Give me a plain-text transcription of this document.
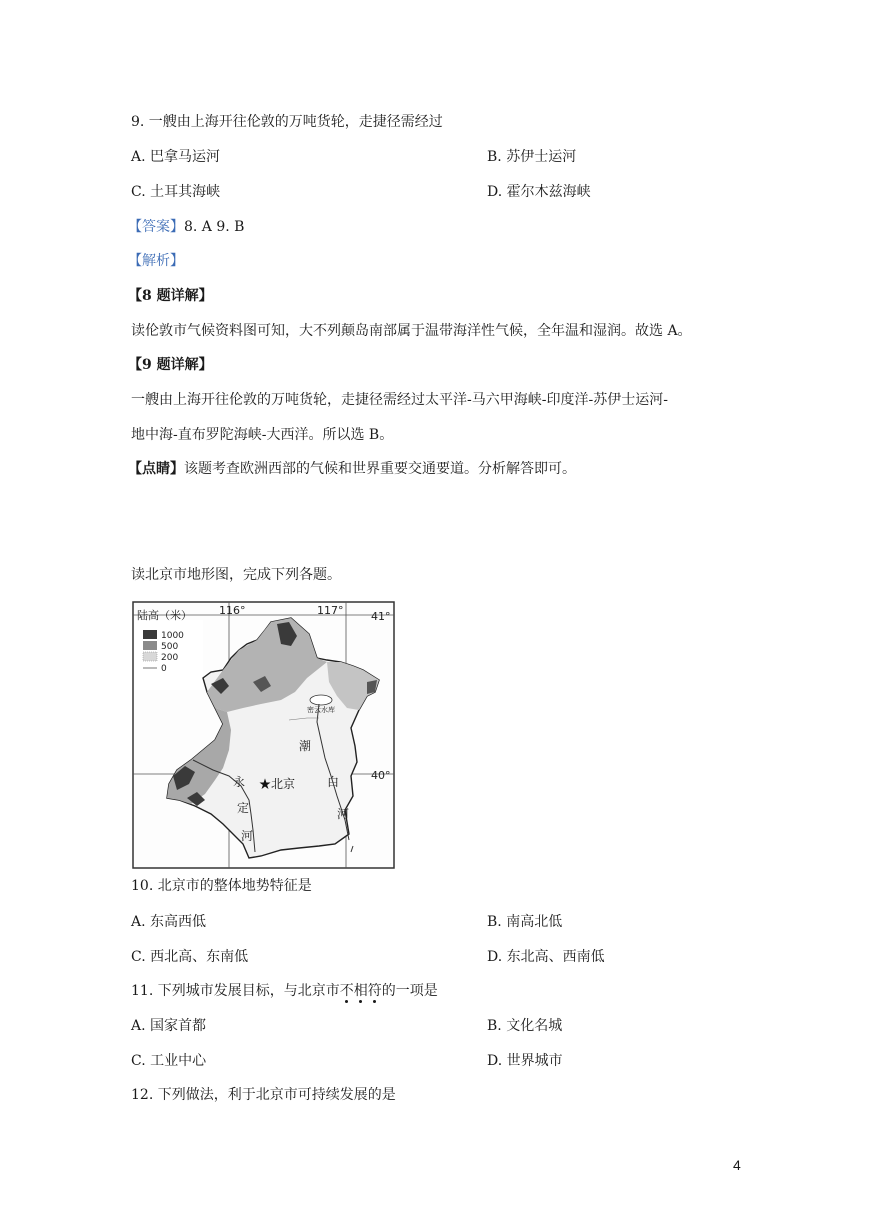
9. 一艘由上海开往伦敦的万吨货轮，走捷径需经过
A. 巴拿马运河	B. 苏伊士运河
C. 土耳其海峡	D. 霍尔木兹海峡
【答案】8. A 9. B
【解析】
【8 题详解】
读伦敦市气候资料图可知，大不列颠岛南部属于温带海洋性气候，全年温和湿润。故选 A。
【9 题详解】
一艘由上海开往伦敦的万吨货轮，走捷径需经过太平洋-马六甲海峡-印度洋-苏伊士运河-
地中海-直布罗陀海峡-大西洋。所以选 B。
【点睛】该题考查欧洲西部的气候和世界重要交通要道。分析解答即可。
读北京市地形图，完成下列各题。
陆高（米）
1000
500
200
0
116°	117°	41°
40°
密云水库
潮
白
河
永
定
河
★北京
10. 北京市的整体地势特征是
A. 东高西低	B. 南高北低
C. 西北高、东南低	D. 东北高、西南低
11. 下列城市发展目标，与北京市不相符的一项是
A. 国家首都	B. 文化名城
C. 工业中心	D. 世界城市
12. 下列做法，利于北京市可持续发展的是
4
